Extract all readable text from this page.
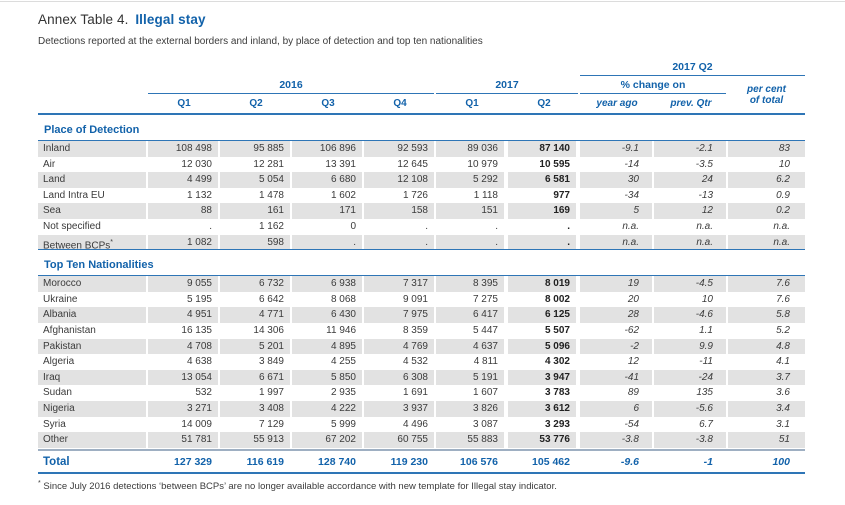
Annex Table 4. Illegal stay
Detections reported at the external borders and inland, by place of detection and top ten nationalities
2017 Q2
2016	2017	% change on
Q1	Q2	Q3	Q4	Q1	Q2	year ago	prev. Qtr
per cent
of total
Place of Detection
Inland	108 498	95 885	106 896	92 593	89 036	87 140	-9.1	-2.1	83
Air	12 030	12 281	13 391	12 645	10 979	10 595	-14	-3.5	10
Land	4 499	5 054	6 680	12 108	5 292	6 581	30	24	6.2
Land Intra EU	1 132	1 478	1 602	1 726	1 118	977	-34	-13	0.9
Sea	88	161	171	158	151	169	5	12	0.2
Not specified	.	1 162	0	.	.	.	n.a.	n.a.	n.a.
Between BCPs*	1 082	598	.	.	.	.	n.a.	n.a.	n.a.
Top Ten Nationalities
Morocco	9 055	6 732	6 938	7 317	8 395	8 019	19	-4.5	7.6
Ukraine	5 195	6 642	8 068	9 091	7 275	8 002	20	10	7.6
Albania	4 951	4 771	6 430	7 975	6 417	6 125	28	-4.6	5.8
Afghanistan	16 135	14 306	11 946	8 359	5 447	5 507	-62	1.1	5.2
Pakistan	4 708	5 201	4 895	4 769	4 637	5 096	-2	9.9	4.8
Algeria	4 638	3 849	4 255	4 532	4 811	4 302	12	-11	4.1
Iraq	13 054	6 671	5 850	6 308	5 191	3 947	-41	-24	3.7
Sudan	532	1 997	2 935	1 691	1 607	3 783	89	135	3.6
Nigeria	3 271	3 408	4 222	3 937	3 826	3 612	6	-5.6	3.4
Syria	14 009	7 129	5 999	4 496	3 087	3 293	-54	6.7	3.1
Other	51 781	55 913	67 202	60 755	55 883	53 776	-3.8	-3.8	51
Total	127 329	116 619	128 740	119 230	106 576	105 462	-9.6	-1	100
* Since July 2016 detections ‘between BCPs’ are no longer available accordance with new template for Illegal stay indicator.
